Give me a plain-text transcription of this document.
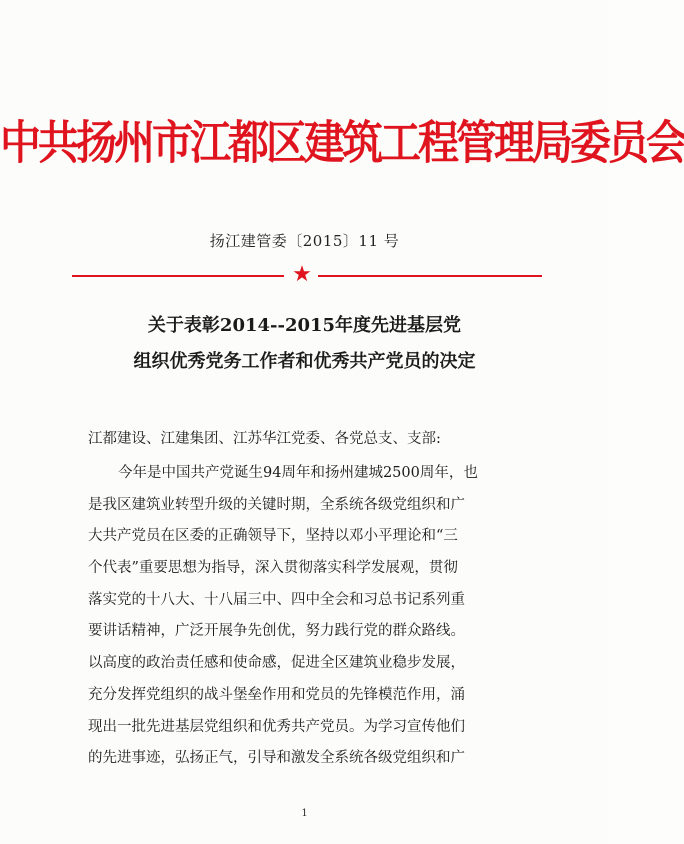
中共扬州市江都区建筑工程管理局委员会
扬江建管委〔2015〕11 号
★
关于表彰2014--2015年度先进基层党
组织优秀党务工作者和优秀共产党员的决定
江都建设、江建集团、江苏华江党委、各党总支、支部:
今年是中国共产党诞生94周年和扬州建城2500周年，也
是我区建筑业转型升级的关键时期，全系统各级党组织和广
大共产党员在区委的正确领导下，坚持以邓小平理论和“三
个代表”重要思想为指导，深入贯彻落实科学发展观，贯彻
落实党的十八大、十八届三中、四中全会和习总书记系列重
要讲话精神，广泛开展争先创优，努力践行党的群众路线。
以高度的政治责任感和使命感，促进全区建筑业稳步发展，
充分发挥党组织的战斗堡垒作用和党员的先锋模范作用，涌
现出一批先进基层党组织和优秀共产党员。为学习宣传他们
的先进事迹，弘扬正气，引导和激发全系统各级党组织和广
1
